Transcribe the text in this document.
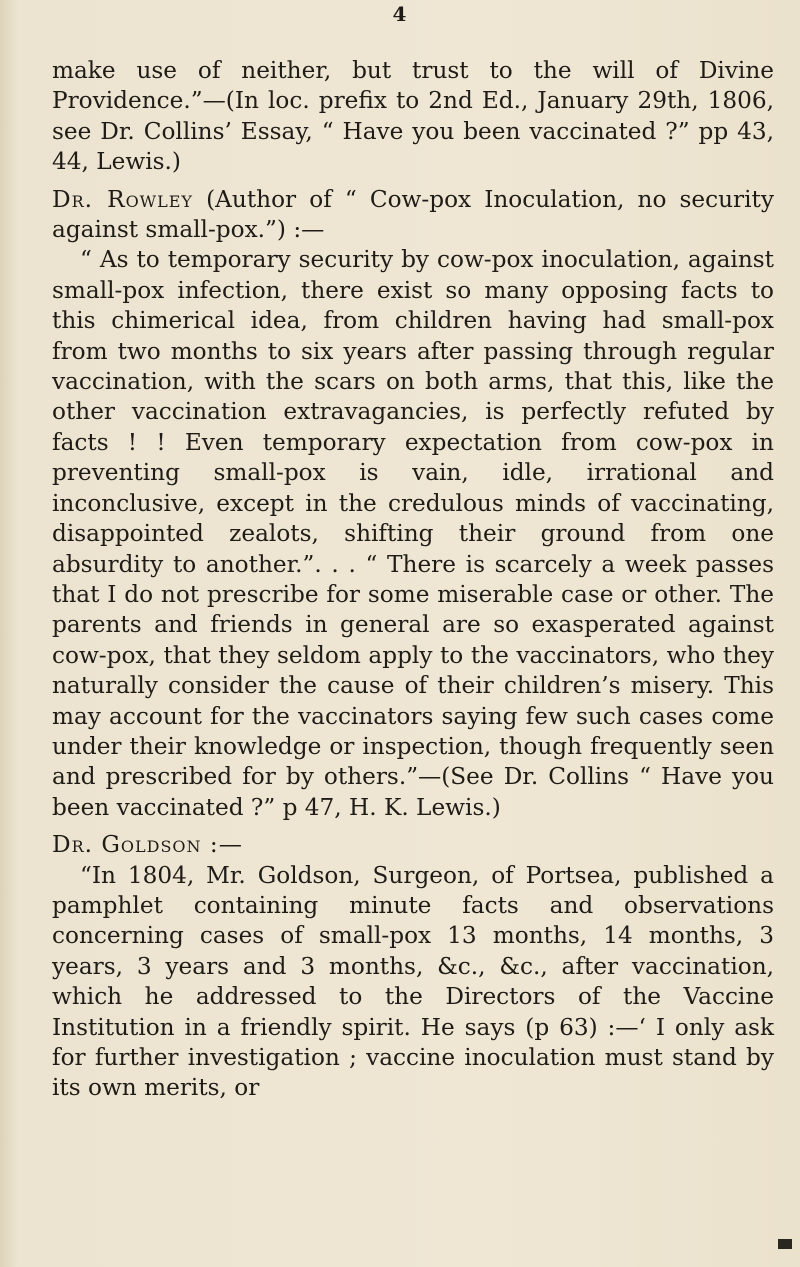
4

make use of neither, but trust to the will of Divine Providence.”—(In loc. prefix to 2nd Ed., January 29th, 1806, see Dr. Collins’ Essay, “ Have you been vaccinated ?” pp 43, 44, Lewis.)

Dr. Rowley (Author of “ Cow-pox Inoculation, no security against small-pox.”) :—

“ As to temporary security by cow-pox inoculation, against small-pox infection, there exist so many opposing facts to this chimerical idea, from children having had small-pox from two months to six years after passing through regular vaccination, with the scars on both arms, that this, like the other vaccination extravagancies, is perfectly refuted by facts ! ! Even temporary expectation from cow-pox in preventing small-pox is vain, idle, irrational and inconclusive, except in the credulous minds of vaccinating, disappointed zealots, shifting their ground from one absurdity to another.”. . . “ There is scarcely a week passes that I do not prescribe for some miserable case or other. The parents and friends in general are so exasperated against cow-pox, that they seldom apply to the vaccinators, who they naturally consider the cause of their children’s misery. This may account for the vaccinators saying few such cases come under their knowledge or inspection, though frequently seen and prescribed for by others.”—(See Dr. Collins “ Have you been vaccinated ?” p 47, H. K. Lewis.)

Dr. Goldson :—

“In 1804, Mr. Goldson, Surgeon, of Portsea, published a pamphlet containing minute facts and observations concerning cases of small-pox 13 months, 14 months, 3 years, 3 years and 3 months, &c., &c., after vaccination, which he addressed to the Directors of the Vaccine Institution in a friendly spirit. He says (p 63) :—‘ I only ask for further investigation ; vaccine inoculation must stand by its own merits, or
